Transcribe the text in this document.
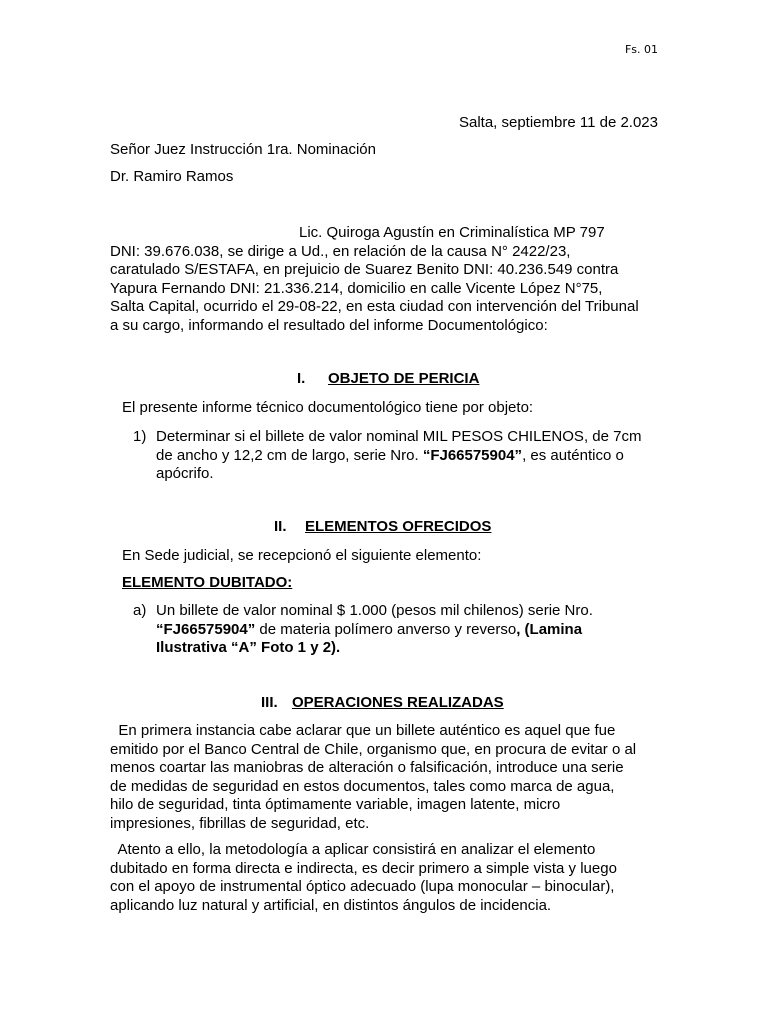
Fs. 01
Salta, septiembre 11 de 2.023
Señor Juez Instrucción 1ra. Nominación
Dr. Ramiro Ramos
Lic. Quiroga Agustín en Criminalística MP 797
DNI: 39.676.038, se dirige a Ud., en relación de la causa N° 2422/23,
caratulado S/ESTAFA, en prejuicio de Suarez Benito DNI: 40.236.549 contra
Yapura Fernando DNI: 21.336.214, domicilio en calle Vicente López N°75,
Salta Capital, ocurrido el 29-08-22, en esta ciudad con intervención del Tribunal
a su cargo, informando el resultado del informe Documentológico:
I. OBJETO DE PERICIA
El presente informe técnico documentológico tiene por objeto:
1) Determinar si el billete de valor nominal MIL PESOS CHILENOS, de 7cm
de ancho y 12,2 cm de largo, serie Nro. “FJ66575904”, es auténtico o
apócrifo.
II. ELEMENTOS OFRECIDOS
En Sede judicial, se recepcionó el siguiente elemento:
ELEMENTO DUBITADO:
a) Un billete de valor nominal $ 1.000 (pesos mil chilenos) serie Nro.
“FJ66575904” de materia polímero anverso y reverso, (Lamina
Ilustrativa “A” Foto 1 y 2).
III. OPERACIONES REALIZADAS
En primera instancia cabe aclarar que un billete auténtico es aquel que fue
emitido por el Banco Central de Chile, organismo que, en procura de evitar o al
menos coartar las maniobras de alteración o falsificación, introduce una serie
de medidas de seguridad en estos documentos, tales como marca de agua,
hilo de seguridad, tinta óptimamente variable, imagen latente, micro
impresiones, fibrillas de seguridad, etc.
Atento a ello, la metodología a aplicar consistirá en analizar el elemento
dubitado en forma directa e indirecta, es decir primero a simple vista y luego
con el apoyo de instrumental óptico adecuado (lupa monocular – binocular),
aplicando luz natural y artificial, en distintos ángulos de incidencia.
